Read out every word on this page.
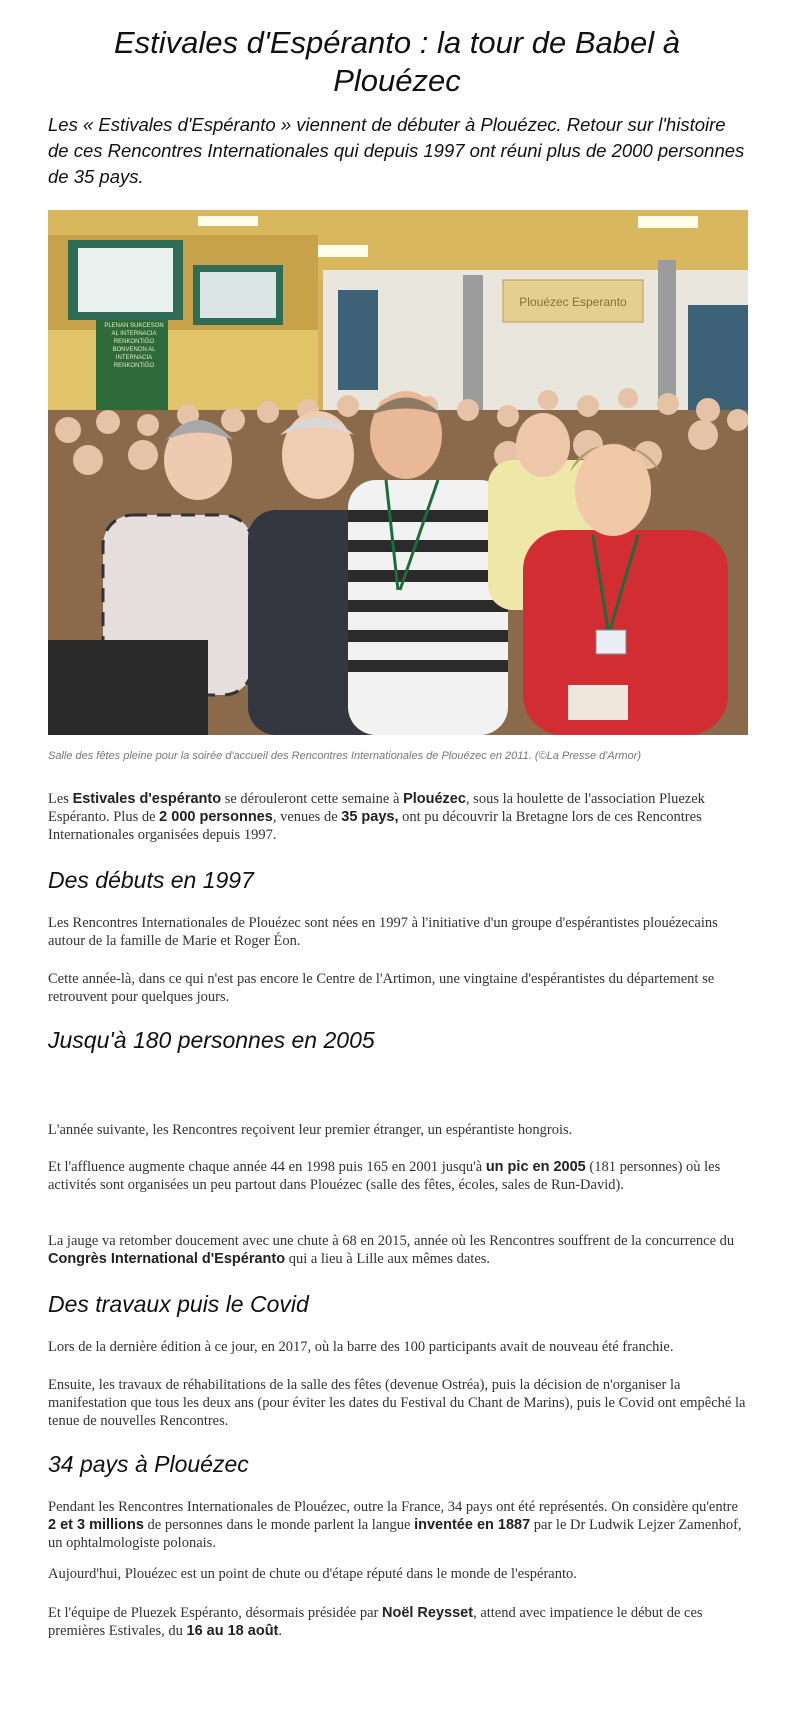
Estivales d'Espéranto : la tour de Babel à Plouézec

Les « Estivales d'Espéranto » viennent de débuter à Plouézec. Retour sur l'histoire de ces Rencontres Internationales qui depuis 1997 ont réuni plus de 2000 personnes de 35 pays.

Plouézec Esperanto

Salle des fêtes pleine pour la soirée d'accueil des Rencontres Internationales de Plouézec en 2011. (©La Presse d'Armor)

Les Estivales d'espéranto se dérouleront cette semaine à Plouézec, sous la houlette de l'association Pluezek Espéranto. Plus de 2 000 personnes, venues de 35 pays, ont pu découvrir la Bretagne lors de ces Rencontres Internationales organisées depuis 1997.

Des débuts en 1997

Les Rencontres Internationales de Plouézec sont nées en 1997 à l'initiative d'un groupe d'espérantistes plouézecains autour de la famille de Marie et Roger Éon.

Cette année-là, dans ce qui n'est pas encore le Centre de l'Artimon, une vingtaine d'espérantistes du département se retrouvent pour quelques jours.

Jusqu'à 180 personnes en 2005

L'année suivante, les Rencontres reçoivent leur premier étranger, un espérantiste hongrois.

Et l'affluence augmente chaque année 44 en 1998 puis 165 en 2001 jusqu'à un pic en 2005 (181 personnes) où les activités sont organisées un peu partout dans Plouézec (salle des fêtes, écoles, sales de Run-David).

La jauge va retomber doucement avec une chute à 68 en 2015, année où les Rencontres souffrent de la concurrence du Congrès International d'Espéranto qui a lieu à Lille aux mêmes dates.

Des travaux puis le Covid

Lors de la dernière édition à ce jour, en 2017, où la barre des 100 participants avait de nouveau été franchie.

Ensuite, les travaux de réhabilitations de la salle des fêtes (devenue Ostréa), puis la décision de n'organiser la manifestation que tous les deux ans (pour éviter les dates du Festival du Chant de Marins), puis le Covid ont empêché la tenue de nouvelles Rencontres.

34 pays à Plouézec

Pendant les Rencontres Internationales de Plouézec, outre la France, 34 pays ont été représentés. On considère qu'entre 2 et 3 millions de personnes dans le monde parlent la langue inventée en 1887 par le Dr Ludwik Lejzer Zamenhof, un ophtalmologiste polonais.

Aujourd'hui, Plouézec est un point de chute ou d'étape réputé dans le monde de l'espéranto.

Et l'équipe de Pluezek Espéranto, désormais présidée par Noël Reysset, attend avec impatience le début de ces premières Estivales, du 16 au 18 août.

PLENAN SUKCESON AL INTERNACIA RENKONTIĜO BONVENON AL INTERNACIA RENKONTIĜO
